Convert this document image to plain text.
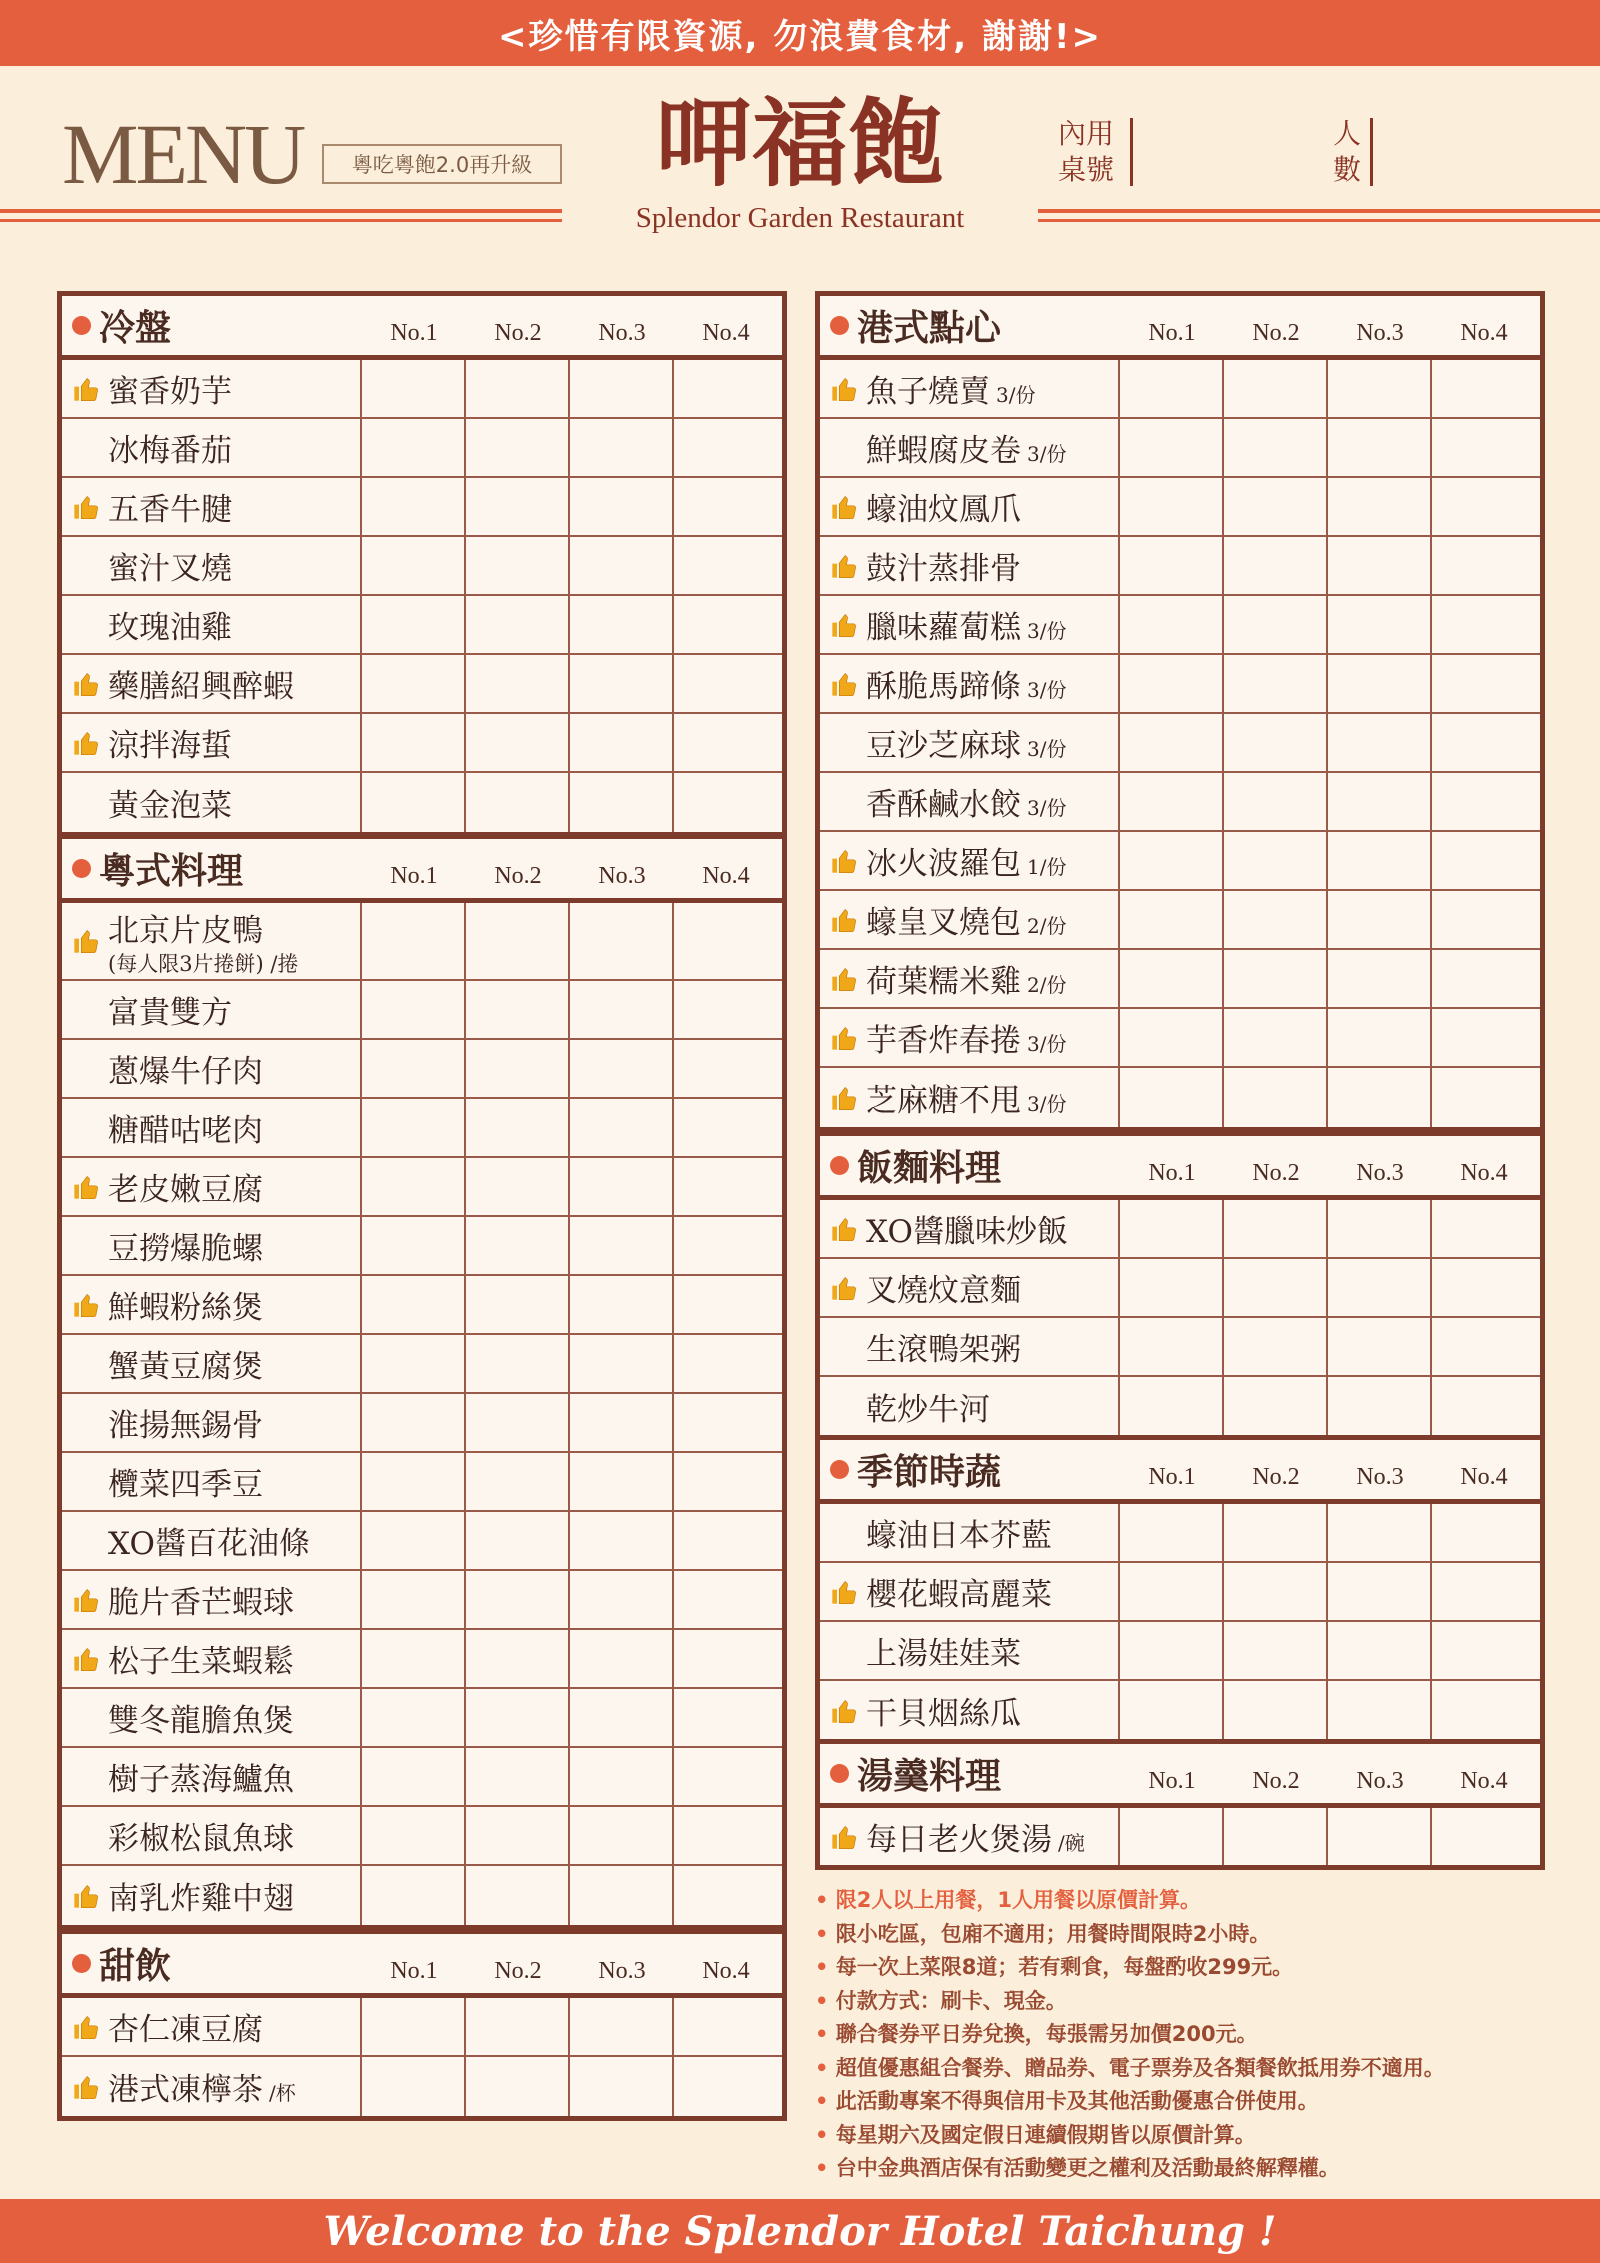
<珍惜有限資源, 勿浪費食材, 謝謝!>
MENU	粵吃粵飽2.0再升級	呷福飽
Splendor Garden Restaurant
內用
桌號
人
數
冷盤	No.1	No.2	No.3	No.4
蜜香奶芋
冰梅番茄
五香牛腱
蜜汁叉燒
玫瑰油雞
藥膳紹興醉蝦
涼拌海蜇
黃金泡菜
粵式料理	No.1	No.2	No.3	No.4
北京片皮鴨
(每人限3片捲餅) /捲
富貴雙方
蔥爆牛仔肉
糖醋咕咾肉
老皮嫩豆腐
豆撈爆脆螺
鮮蝦粉絲煲
蟹黃豆腐煲
淮揚無錫骨
欖菜四季豆
XO醬百花油條
脆片香芒蝦球
松子生菜蝦鬆
雙冬龍膽魚煲
樹子蒸海鱸魚
彩椒松鼠魚球
南乳炸雞中翅
甜飲	No.1	No.2	No.3	No.4
杏仁凍豆腐
港式凍檸茶 /杯
港式點心	No.1	No.2	No.3	No.4
魚子燒賣 3/份
鮮蝦腐皮卷 3/份
蠔油炆鳳爪
鼓汁蒸排骨
臘味蘿蔔糕 3/份
酥脆馬蹄條 3/份
豆沙芝麻球 3/份
香酥鹹水餃 3/份
冰火波羅包 1/份
蠔皇叉燒包 2/份
荷葉糯米雞 2/份
芋香炸春捲 3/份
芝麻糖不甩 3/份
飯麵料理	No.1	No.2	No.3	No.4
XO醬臘味炒飯
叉燒炆意麵
生滾鴨架粥
乾炒牛河
季節時蔬	No.1	No.2	No.3	No.4
蠔油日本芥藍
櫻花蝦高麗菜
上湯娃娃菜
干貝烟絲瓜
湯羹料理	No.1	No.2	No.3	No.4
每日老火煲湯 /碗
• 限2人以上用餐，1人用餐以原價計算。
• 限小吃區，包廂不適用；用餐時間限時2小時。
• 每一次上菜限8道；若有剩食，每盤酌收299元。
• 付款方式：刷卡、現金。
• 聯合餐券平日券兌換，每張需另加價200元。
• 超值優惠組合餐券、贈品券、電子票券及各類餐飲抵用券不適用。
• 此活動專案不得與信用卡及其他活動優惠合併使用。
• 每星期六及國定假日連續假期皆以原價計算。
• 台中金典酒店保有活動變更之權利及活動最終解釋權。
Welcome to the Splendor Hotel Taichung !
